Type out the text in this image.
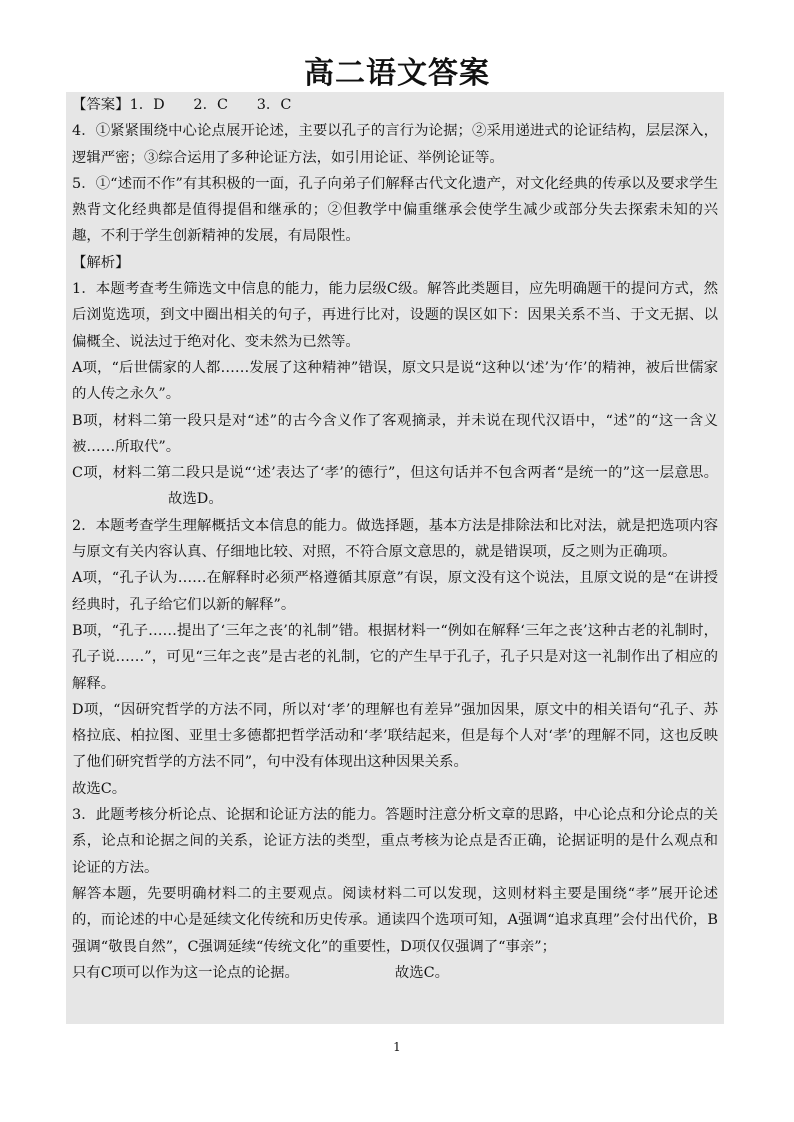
高二语文答案

【答案】1．D　　2．C　　3．C

4．①紧紧围绕中心论点展开论述，主要以孔子的言行为论据；②采用递进式的论证结构，层层深入，逻辑严密；③综合运用了多种论证方法，如引用论证、举例论证等。

5．①“述而不作”有其积极的一面，孔子向弟子们解释古代文化遗产，对文化经典的传承以及要求学生熟背文化经典都是值得提倡和继承的；②但教学中偏重继承会使学生减少或部分失去探索未知的兴趣，不利于学生创新精神的发展，有局限性。

【解析】

1．本题考查考生筛选文中信息的能力，能力层级C级。解答此类题目，应先明确题干的提问方式，然后浏览选项，到文中圈出相关的句子，再进行比对，设题的误区如下：因果关系不当、于文无据、以偏概全、说法过于绝对化、变未然为已然等。

A项，“后世儒家的人都……发展了这种精神”错误，原文只是说“这种以‘述’为‘作’的精神，被后世儒家的人传之永久”。

B项，材料二第一段只是对“述”的古今含义作了客观摘录，并未说在现代汉语中，“述”的“这一含义被……所取代”。

C项，材料二第二段只是说“‘述’表达了‘孝’的德行”，但这句话并不包含两者“是统一的”这一层意思。故选D。

2．本题考查学生理解概括文本信息的能力。做选择题，基本方法是排除法和比对法，就是把选项内容与原文有关内容认真、仔细地比较、对照，不符合原文意思的，就是错误项，反之则为正确项。

A项，“孔子认为……在解释时必须严格遵循其原意”有误，原文没有这个说法，且原文说的是“在讲授经典时，孔子给它们以新的解释”。

B项，“孔子……提出了‘三年之丧’的礼制”错。根据材料一“例如在解释‘三年之丧’这种古老的礼制时，孔子说……”，可见“三年之丧”是古老的礼制，它的产生早于孔子，孔子只是对这一礼制作出了相应的解释。

D项，“因研究哲学的方法不同，所以对‘孝’的理解也有差异”强加因果，原文中的相关语句“孔子、苏格拉底、柏拉图、亚里士多德都把哲学活动和‘孝’联结起来，但是每个人对‘孝’的理解不同，这也反映了他们研究哲学的方法不同”，句中没有体现出这种因果关系。

故选C。

3．此题考核分析论点、论据和论证方法的能力。答题时注意分析文章的思路，中心论点和分论点的关系，论点和论据之间的关系，论证方法的类型，重点考核为论点是否正确，论据证明的是什么观点和论证的方法。

解答本题，先要明确材料二的主要观点。阅读材料二可以发现，这则材料主要是围绕“孝”展开论述的，而论述的中心是延续文化传统和历史传承。通读四个选项可知，A强调“追求真理”会付出代价，B强调“敬畏自然”，C强调延续“传统文化”的重要性，D项仅仅强调了“事亲”；

只有C项可以作为这一论点的论据。	故选C。

1
